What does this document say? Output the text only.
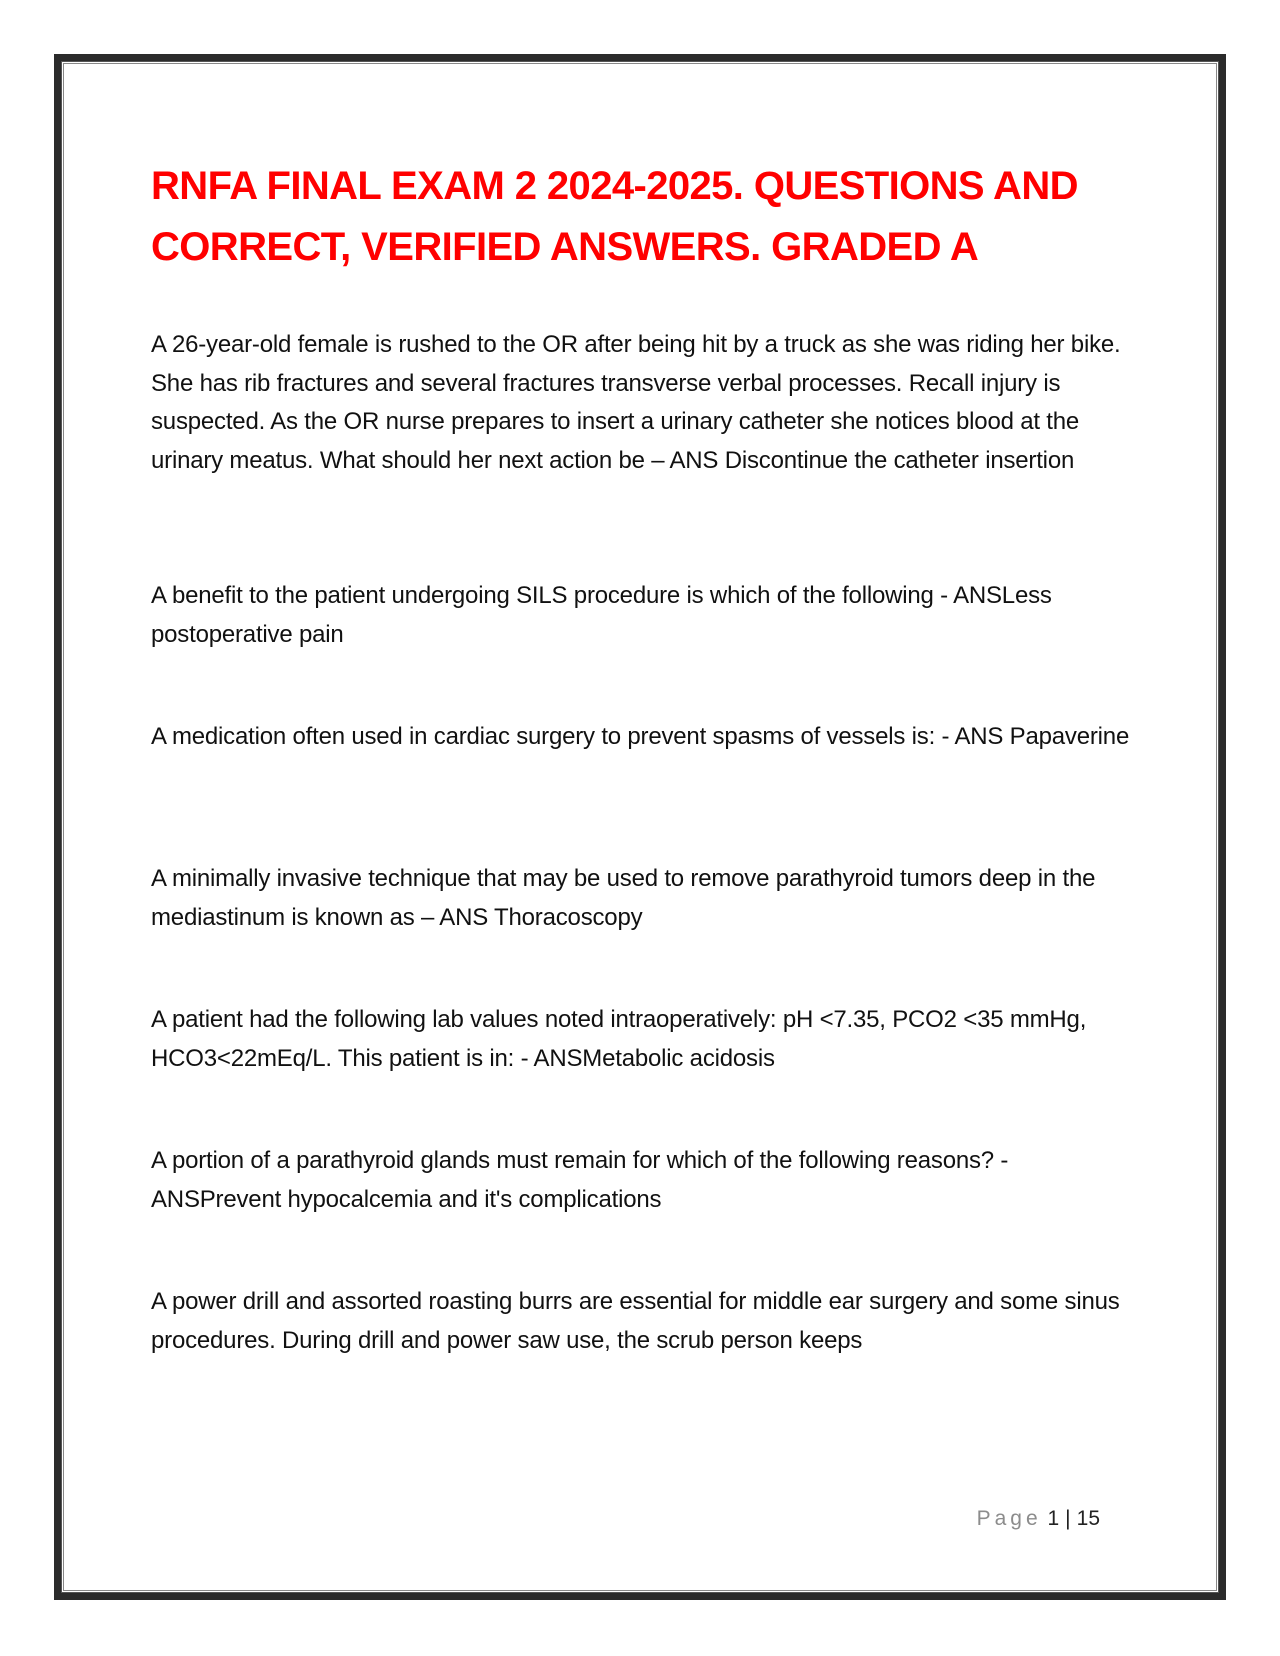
RNFA FINAL EXAM 2 2024-2025. QUESTIONS AND CORRECT, VERIFIED ANSWERS. GRADED A

A 26-year-old female is rushed to the OR after being hit by a truck as she was riding her bike. She has rib fractures and several fractures transverse verbal processes. Recall injury is suspected. As the OR nurse prepares to insert a urinary catheter she notices blood at the urinary meatus. What should her next action be – ANS Discontinue the catheter insertion

A benefit to the patient undergoing SILS procedure is which of the following - ANSLess postoperative pain

A medication often used in cardiac surgery to prevent spasms of vessels is: - ANS Papaverine

A minimally invasive technique that may be used to remove parathyroid tumors deep in the mediastinum is known as – ANS Thoracoscopy

A patient had the following lab values noted intraoperatively: pH <7.35, PCO2 <35 mmHg, HCO3<22mEq/L. This patient is in: - ANSMetabolic acidosis

A portion of a parathyroid glands must remain for which of the following reasons? - ANSPrevent hypocalcemia and it's complications

A power drill and assorted roasting burrs are essential for middle ear surgery and some sinus procedures. During drill and power saw use, the scrub person keeps

Page 1 | 15
